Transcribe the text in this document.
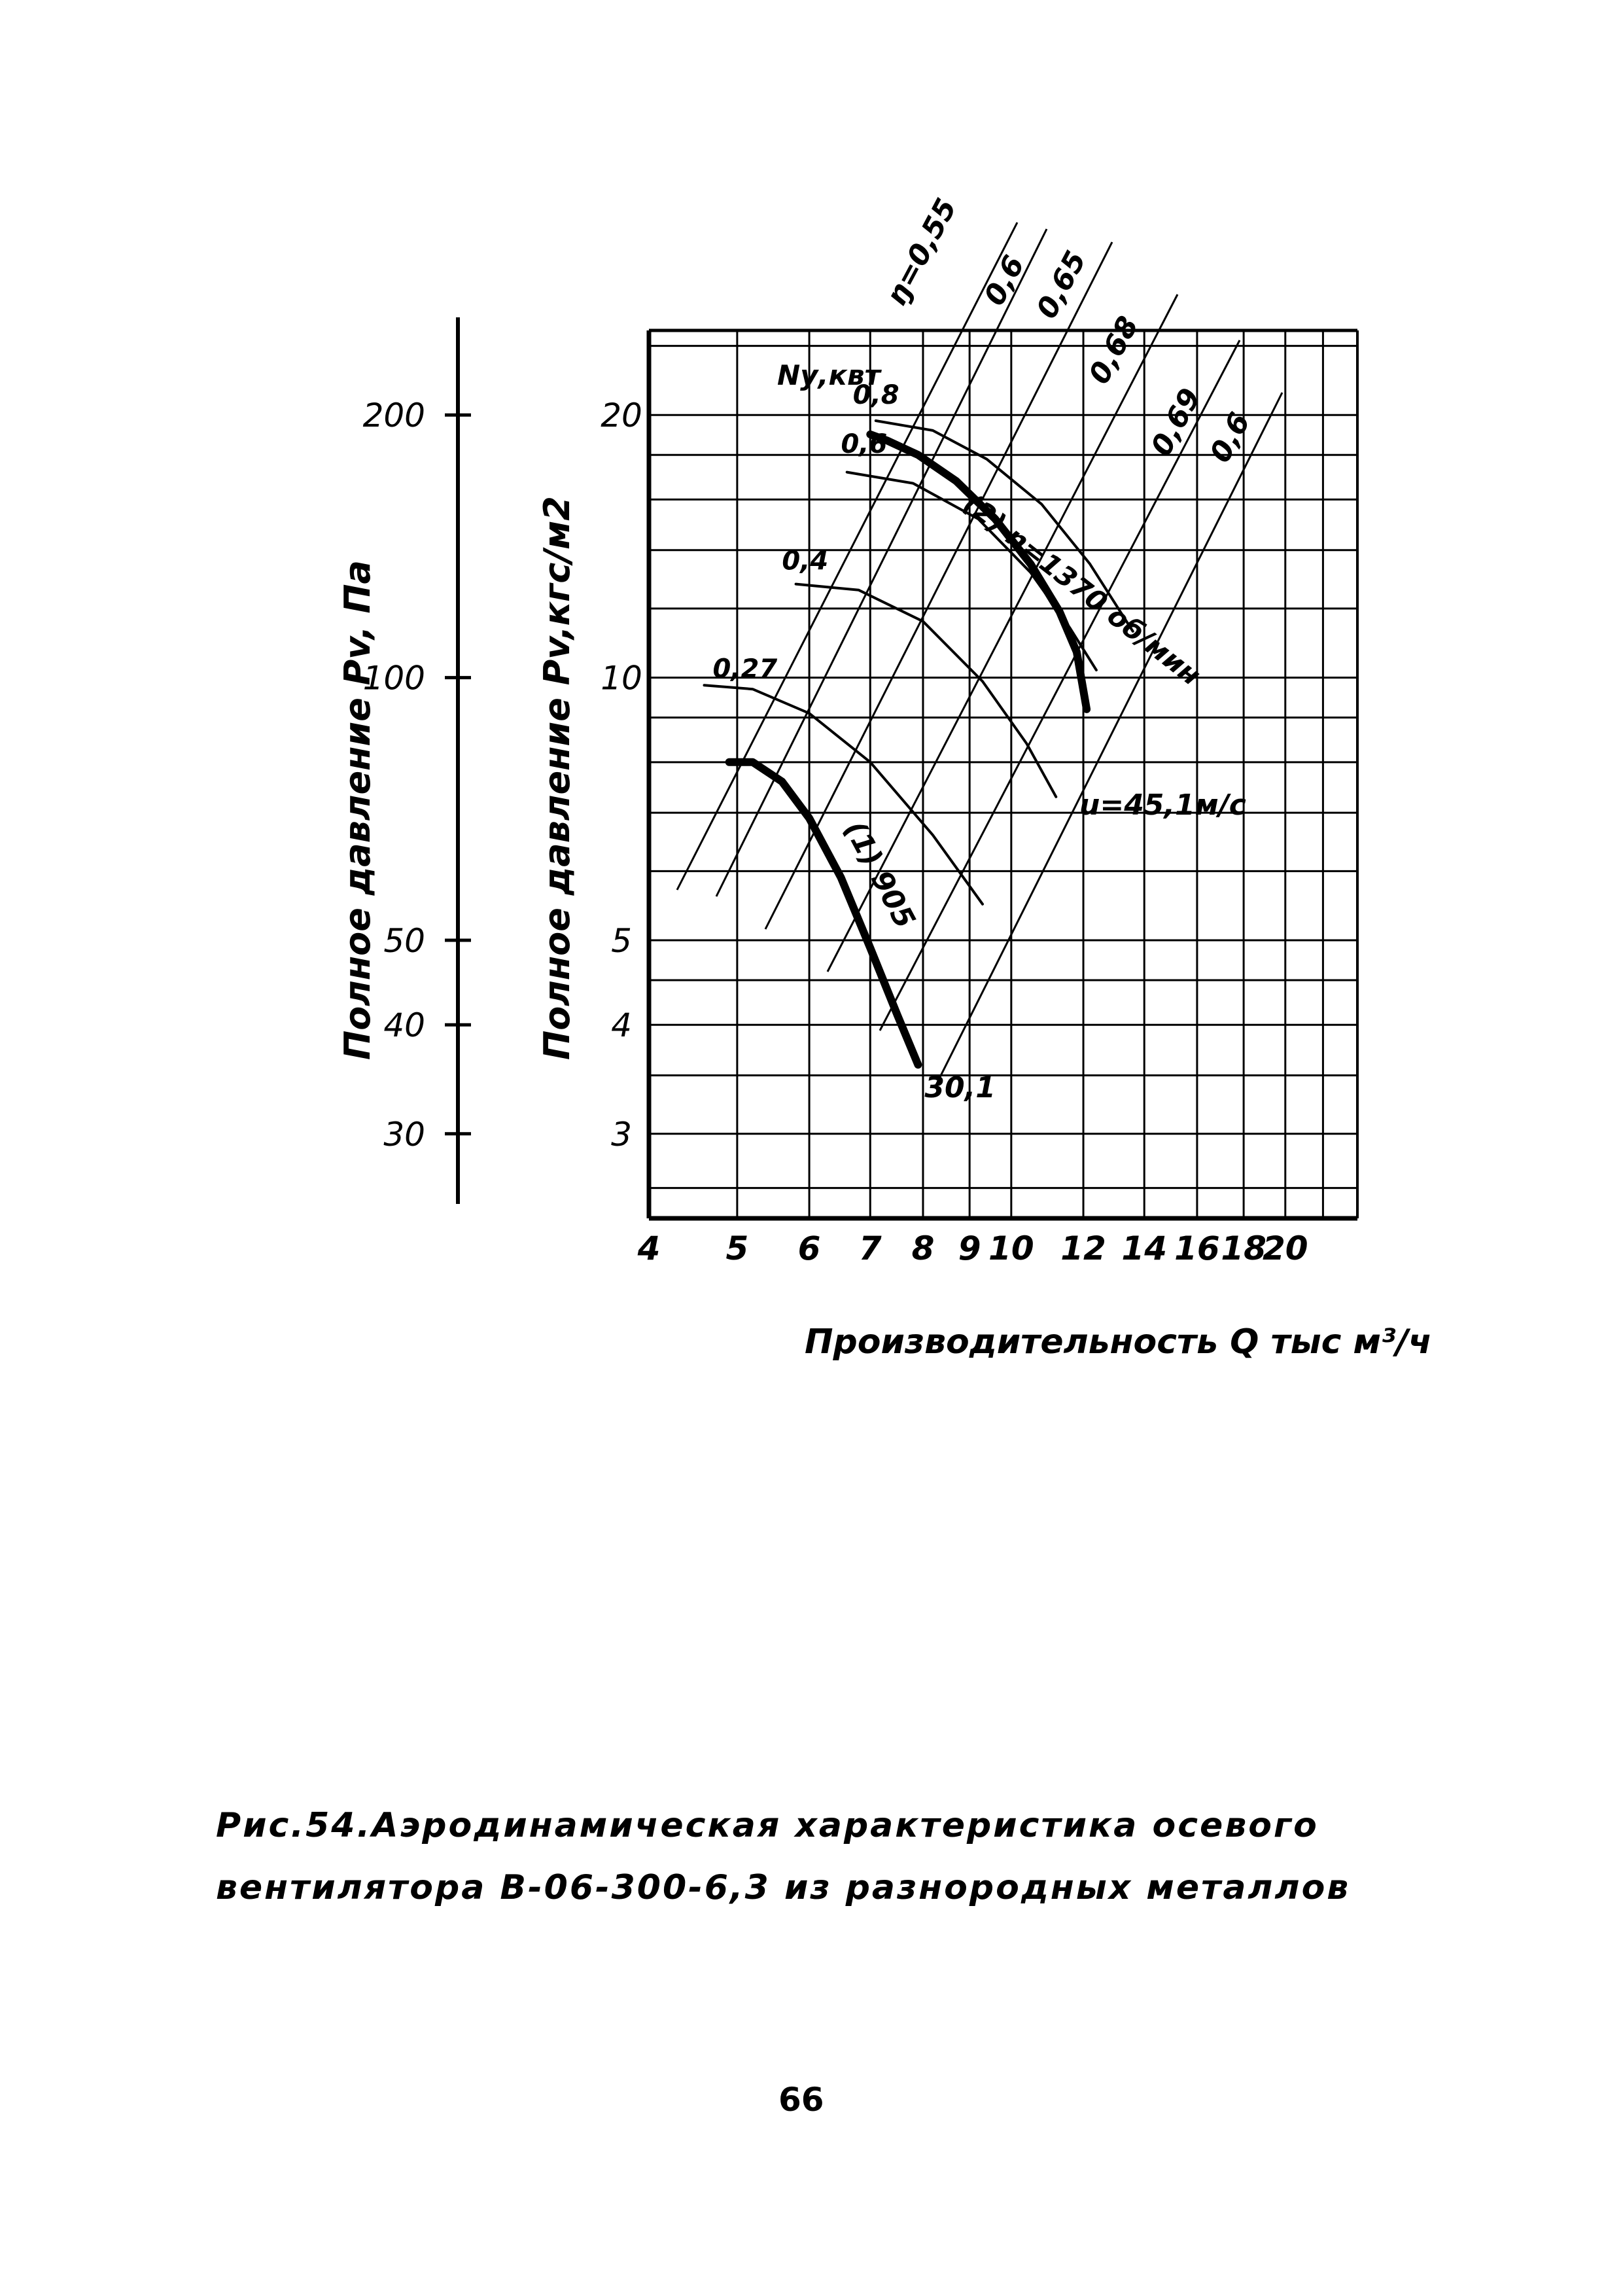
ŋ=0,55 0,6
0,65
0,68
0,69
0,6
(1) 905
30,1
(2) n=1370 об/мин
0,27
0,4
0,6
0,8
Производительность Q тыс м³/ч
Полное давление Pv,кгс/м2
Полное давление Pv, Па
Nу,квт
u=45,1м/с
4 5 6 7 8 9 10 12 14 16 18
20
3
4
5
10
20
30
40
50
100
200
Рис.54.Аэродинамическая характеристика осевого
вентилятора В-06-300-6,3 из разнородных металлов
66
